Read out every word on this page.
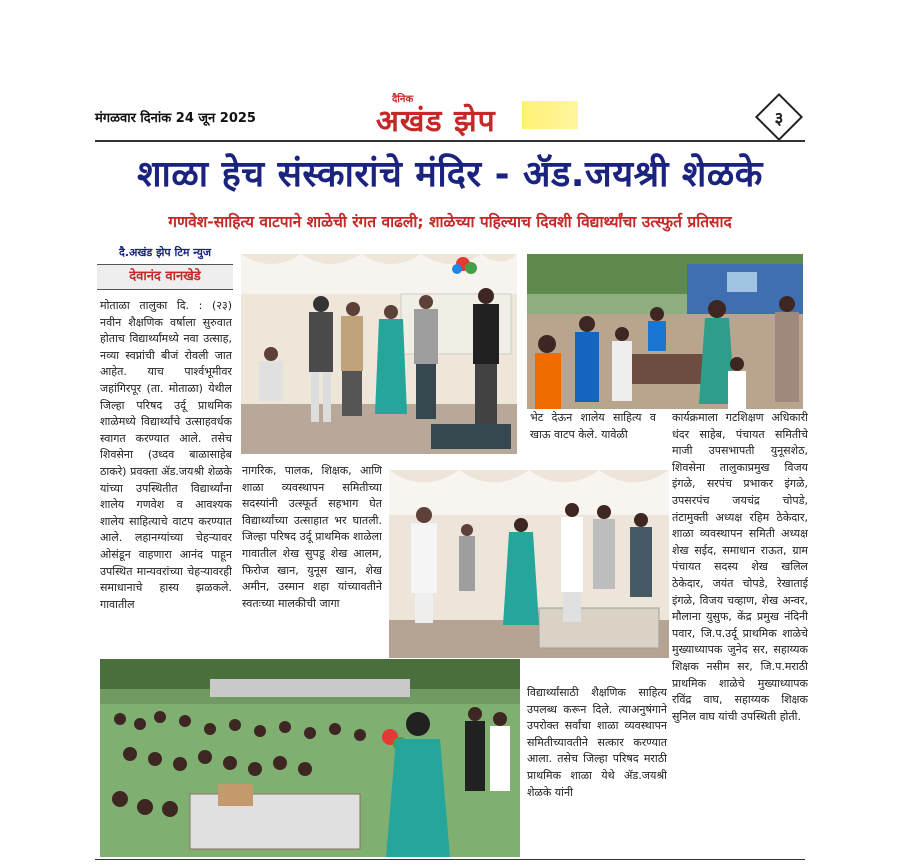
मंगळवार दिनांक 24 जून 2025
दैनिक
अखंड झेप	३
शाळा हेच संस्कारांचे मंदिर - ॲड.जयश्री शेळके
गणवेश-साहित्य वाटपाने शाळेची रंगत वाढली; शाळेच्या पहिल्याच दिवशी विद्यार्थ्यांचा उत्स्फुर्त प्रतिसाद
दै.अखंड झेप टिम न्युज
देवानंद वानखेडे
मोताळा तालुका दि. : (२३) नवीन शैक्षणिक वर्षाला सुरुवात होताच विद्यार्थ्यांमध्ये नवा उत्साह, नव्या स्वप्नांची बीजं रोवली जात आहेत. याच पार्श्वभूमीवर जहांगिरपूर (ता. मोताळा) येथील जिल्हा परिषद उर्दू प्राथमिक शाळेमध्ये विद्यार्थ्यांचे उत्साहवर्धक स्वागत करण्यात आले. तसेच शिवसेना (उध्दव बाळासाहेब ठाकरे) प्रवक्ता ॲड.जयश्री शेळके यांच्या उपस्थितीत विद्यार्थ्यांना शालेय गणवेश व आवश्यक शालेय साहित्याचे वाटप करण्यात आले. लहानग्यांच्या चेहऱ्यावर ओसंडून वाहणारा आनंद पाहून उपस्थित मान्यवरांच्या चेहऱ्यावरही समाधानाचे हास्य झळकले. गावातील
नागरिक, पालक, शिक्षक, आणि शाळा व्यवस्थापन समितीच्या सदस्यांनी उत्स्फूर्त सहभाग घेत विद्यार्थ्यांच्या उत्साहात भर घातली. जिल्हा परिषद उर्दू प्राथमिक शाळेला गावातील शेख सुपडू शेख आलम, फिरोज खान, युनूस खान, शेख अमीन, उस्मान शहा यांच्यावतीने स्वतःच्या मालकीची जागा
भेट देऊन शालेय साहित्य व खाऊ वाटप केले. यावेळी
विद्यार्थ्यांसाठी शैक्षणिक साहित्य उपलब्ध करून दिले. त्याअनुषंगाने उपरोक्त सर्वांचा शाळा व्यवस्थापन समितीच्यावतीने सत्कार करण्यात आला. तसेच जिल्हा परिषद मराठी प्राथमिक शाळा येथे ॲड.जयश्री शेळके यांनी
कार्यक्रमाला गटशिक्षण अधिकारी धंदर साहेब, पंचायत समितीचे माजी उपसभापती युनूसशेठ, शिवसेना तालुकाप्रमुख विजय इंगळे, सरपंच प्रभाकर इंगळे, उपसरपंच जयचंद्र चोपडे, तंटामुक्ती अध्यक्ष रहिम ठेकेदार, शाळा व्यवस्थापन समिती अध्यक्ष शेख सईद, समाधान राऊत, ग्राम पंचायत सदस्य शेख खलिल ठेकेदार, जयंत चोपडे, रेखाताई इंगळे, विजय चव्हाण, शेख अन्वर, मौलाना युसुफ, केंद्र प्रमुख नंदिनी पवार, जि.प.उर्दू प्राथमिक शाळेचे मुख्याध्यापक जुनेद सर, सहाय्यक शिक्षक नसीम सर, जि.प.मराठी प्राथमिक शाळेचे मुख्याध्यापक रविंद्र वाघ, सहाय्यक शिक्षक सुनिल वाघ यांची उपस्थिती होती.
